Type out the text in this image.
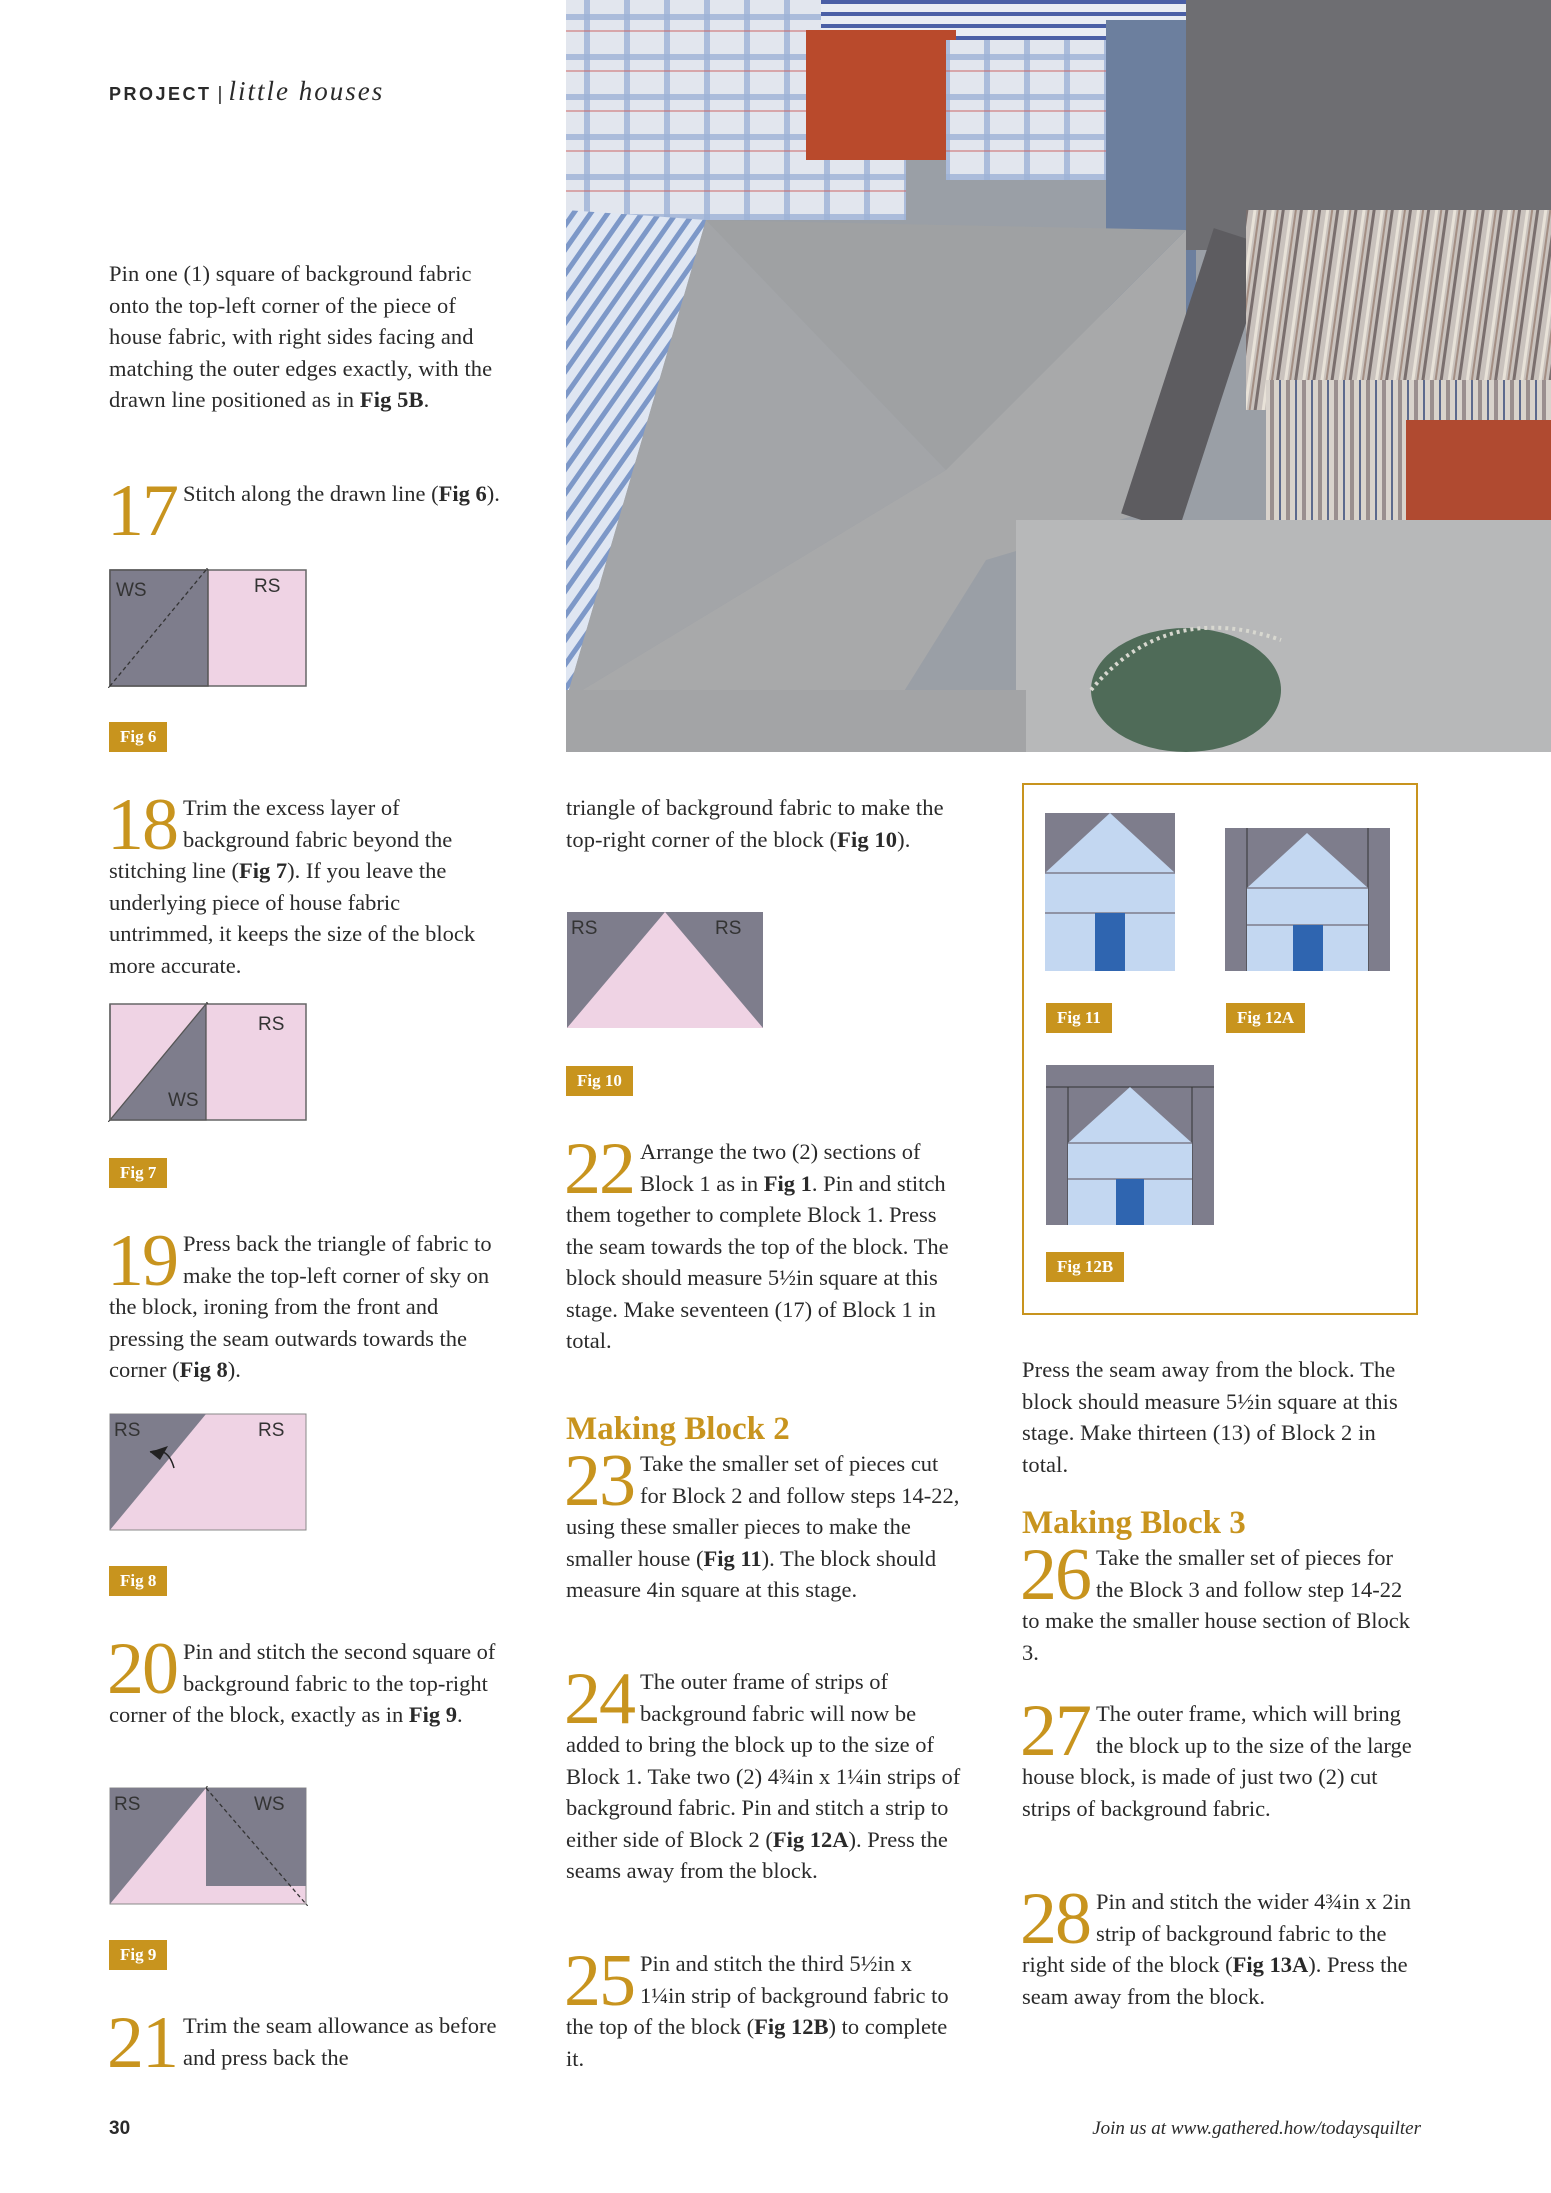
PROJECT | little houses
Pin one (1) square of background fabric onto the top-left corner of the piece of house fabric, with right sides facing and matching the outer edges exactly, with the drawn line positioned as in Fig 5B.
17 Stitch along the drawn line (Fig 6).
WS	RS
Fig 6
18 Trim the excess layer of background fabric beyond the stitching line (Fig 7). If you leave the underlying piece of house fabric untrimmed, it keeps the size of the block more accurate.
RS
WS
Fig 7
19 Press back the triangle of fabric to make the top-left corner of sky on the block, ironing from the front and pressing the seam outwards towards the corner (Fig 8).
RS	RS
Fig 8
20 Pin and stitch the second square of background fabric to the top-right corner of the block, exactly as in Fig 9.
RS	WS
Fig 9
21 Trim the seam allowance as before and press back the
triangle of background fabric to make the top-right corner of the block (Fig 10).
RS	RS
Fig 10
22 Arrange the two (2) sections of Block 1 as in Fig 1. Pin and stitch them together to complete Block 1. Press the seam towards the top of the block. The block should measure 5½in square at this stage. Make seventeen (17) of Block 1 in total.
Making Block 2
23 Take the smaller set of pieces cut for Block 2 and follow steps 14-22, using these smaller pieces to make the smaller house (Fig 11). The block should measure 4in square at this stage.
24 The outer frame of strips of background fabric will now be added to bring the block up to the size of Block 1. Take two (2) 4¾in x 1¼in strips of background fabric. Pin and stitch a strip to either side of Block 2 (Fig 12A). Press the seams away from the block.
25 Pin and stitch the third 5½in x 1¼in strip of background fabric to the top of the block (Fig 12B) to complete it.
Fig 11	Fig 12A
Fig 12B
Press the seam away from the block. The block should measure 5½in square at this stage. Make thirteen (13) of Block 2 in total.
Making Block 3
26 Take the smaller set of pieces for the Block 3 and follow step 14-22 to make the smaller house section of Block 3.
27 The outer frame, which will bring the block up to the size of the large house block, is made of just two (2) cut strips of background fabric.
28 Pin and stitch the wider 4¾in x 2in strip of background fabric to the right side of the block (Fig 13A). Press the seam away from the block.
30	Join us at www.gathered.how/todaysquilter
